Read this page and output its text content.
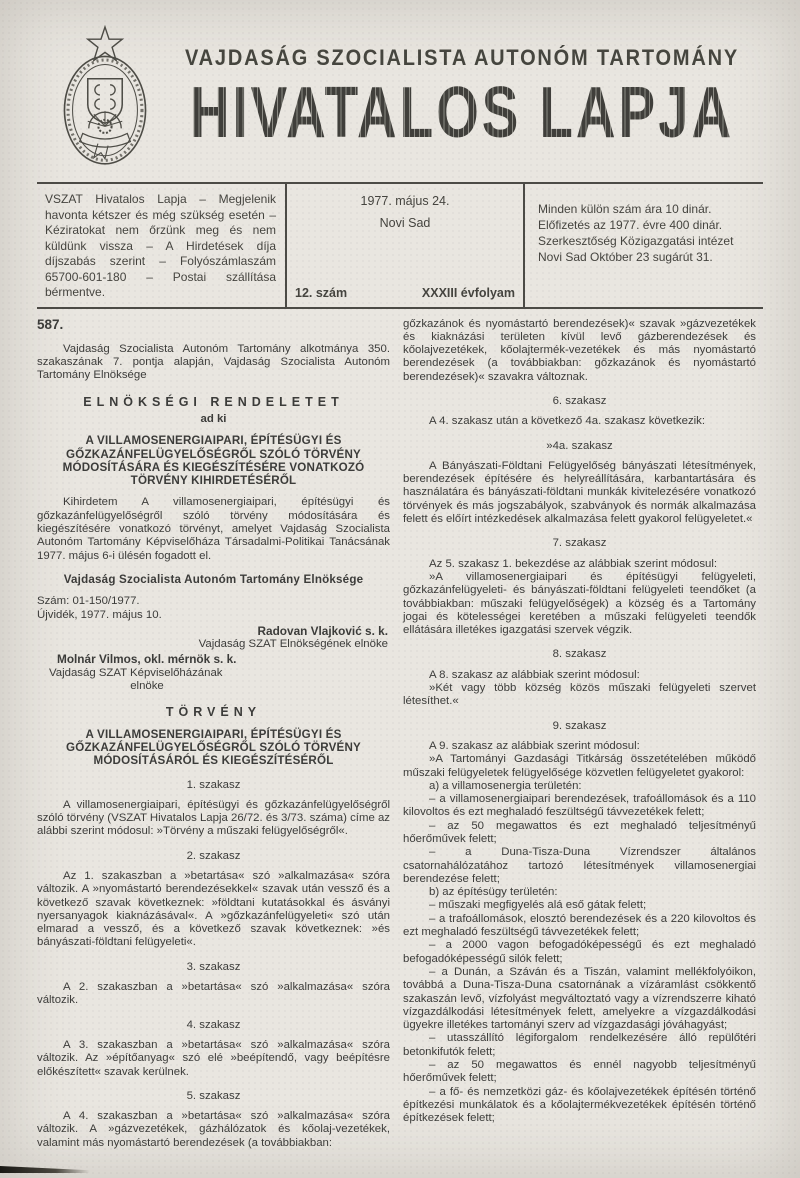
VAJDASÁG SZOCIALISTA AUTONÓM TARTOMÁNY
HIVATALOS LAPJA
VSZAT Hivatalos Lapja – Megjelenik havonta kétszer és még szükség esetén – Kéziratokat nem őrzünk meg és nem küldünk vissza – A Hirdetések díja díjszabás szerint – Folyószámlaszám 65700-601-180 – Postai szállítása bérmentve.
1977. május 24.
Novi Sad
12. szám	XXXIII évfolyam
Minden külön szám ára 10 dinár.
Előfizetés az 1977. évre 400 dinár.
Szerkesztőség Közigazgatási intézet
Novi Sad Október 23 sugárút 31.

587.

Vajdaság Szocialista Autonóm Tartomány alkotmánya 350. szakaszának 7. pontja alapján, Vajdaság Szocialista Autonóm Tartomány Elnöksége

ELNÖKSÉGI RENDELETET

ad ki

A VILLAMOSENERGIAIPARI, ÉPÍTÉSÜGYI ÉS GŐZKAZÁNFELÜGYELŐSÉGRŐL SZÓLÓ TÖRVÉNY MÓDOSÍTÁSÁRA ÉS KIEGÉSZÍTÉSÉRE VONATKOZÓ TÖRVÉNY KIHIRDETÉSÉRŐL

Kihirdetem A villamosenergiaipari, építésügyi és gőzkazánfelügyelőségről szóló törvény módosítására és kiegészítésére vonatkozó törvényt, amelyet Vajdaság Szocialista Autonóm Tartomány Képviselőháza Társadalmi-Politikai Tanácsának 1977. május 6-i ülésén fogadott el.

Vajdaság Szocialista Autonóm Tartomány Elnöksége

Szám: 01-150/1977.

Újvidék, 1977. május 10.

Radovan Vlajković s. k.

Vajdaság SZAT Elnökségének elnöke

Molnár Vilmos, okl. mérnök s. k.

Vajdaság SZAT Képviselőházának

elnöke

TÖRVÉNY

A VILLAMOSENERGIAIPARI, ÉPÍTÉSÜGYI ÉS GŐZKAZÁNFELÜGYELŐSÉGRŐL SZÓLÓ TÖRVÉNY MÓDOSÍTÁSÁRÓL ÉS KIEGÉSZÍTÉSÉRŐL

1. szakasz

A villamosenergiaipari, építésügyi és gőzkazánfelügyelőségről szóló törvény (VSZAT Hivatalos Lapja 26/72. és 3/73. száma) címe az alábbi szerint módosul: »Törvény a műszaki felügyelőségről«.

2. szakasz

Az 1. szakaszban a »betartása« szó »alkalmazása« szóra változik. A »nyomástartó berendezésekkel« szavak után vessző és a következő szavak következnek: »földtani kutatásokkal és ásványi nyersanyagok kiaknázásával«. A »gőzkazánfelügyeleti« szó után elmarad a vessző, és a következő szavak következnek: »és bányászati-földtani felügyeleti«.

3. szakasz

A 2. szakaszban a »betartása« szó »alkalmazása« szóra változik.

4. szakasz

A 3. szakaszban a »betartása« szó »alkalmazása« szóra változik. Az »építőanyag« szó elé »beépítendő, vagy beépítésre előkészített« szavak kerülnek.

5. szakasz

A 4. szakaszban a »betartása« szó »alkalmazása« szóra változik. A »gázvezetékek, gázhálózatok és kőolaj-vezetékek, valamint más nyomástartó berendezések (a továbbiakban:

gőzkazánok és nyomástartó berendezések)« szavak »gázvezetékek és kiaknázási területen kívül levő gázberendezések és kőolajvezetékek, kőolajtermék-vezetékek és más nyomástartó berendezések (a továbbiakban: gőzkazánok és nyomástartó berendezések)« szavakra változnak.

6. szakasz

A 4. szakasz után a következő 4a. szakasz következik:

»4a. szakasz

A Bányászati-Földtani Felügyelőség bányászati létesítmények, berendezések építésére és helyreállítására, karbantartására és használatára és bányászati-földtani munkák kivitelezésére vonatkozó törvények és más jogszabályok, szabványok és normák alkalmazása felett és előírt intézkedések alkalmazása felett gyakorol felügyeletet.«

7. szakasz

Az 5. szakasz 1. bekezdése az alábbiak szerint módosul:

»A villamosenergiaipari és építésügyi felügyeleti, gőzkazánfelügyeleti- és bányászati-földtani felügyeleti teendőket (a továbbiakban: műszaki felügyelőségek) a község és a Tartomány jogai és kötelességei keretében a műszaki felügyeleti teendők ellátására illetékes igazgatási szervek végzik.

8. szakasz

A 8. szakasz az alábbiak szerint módosul:

»Két vagy több község közös műszaki felügyeleti szervet létesíthet.«

9. szakasz

A 9. szakasz az alábbiak szerint módosul:

»A Tartományi Gazdasági Titkárság összetételében működő műszaki felügyeletek felügyelősége közvetlen felügyeletet gyakorol:

a) a villamosenergia területén:

– a villamosenergiaipari berendezések, trafoállomások és a 110 kilovoltos és ezt meghaladó feszültségű távvezetékek felett;

– az 50 megawattos és ezt meghaladó teljesítményű hőerőművek felett;

– a Duna-Tisza-Duna Vízrendszer általános csatornahálózatához tartozó létesítmények villamosenergiai berendezése felett;

b) az építésügy területén:

– műszaki megfigyelés alá eső gátak felett;

– a trafoállomások, elosztó berendezések és a 220 kilovoltos és ezt meghaladó feszültségű távvezetékek felett;

– a 2000 vagon befogadóképességű és ezt meghaladó befogadóképességű silók felett;

– a Dunán, a Száván és a Tiszán, valamint mellékfolyóikon, továbbá a Duna-Tisza-Duna csatornának a vízáramlást csökkentő szakaszán levő, vízfolyást megváltoztató vagy a vízrendszerre kiható vízgazdálkodási létesítmények felett, amelyekre a vízgazdálkodási ügyekre illetékes tartományi szerv ad vízgazdasági jóváhagyást;

– utasszállító légiforgalom rendelkezésére álló repülőtéri betonkifutók felett;

– az 50 megawattos és ennél nagyobb teljesítményű hőerőművek felett;

– a fő- és nemzetközi gáz- és kőolajvezetékek építésén történő építkezési munkálatok és a kőolajtermékvezetékek építésén történő építkezések felett;
